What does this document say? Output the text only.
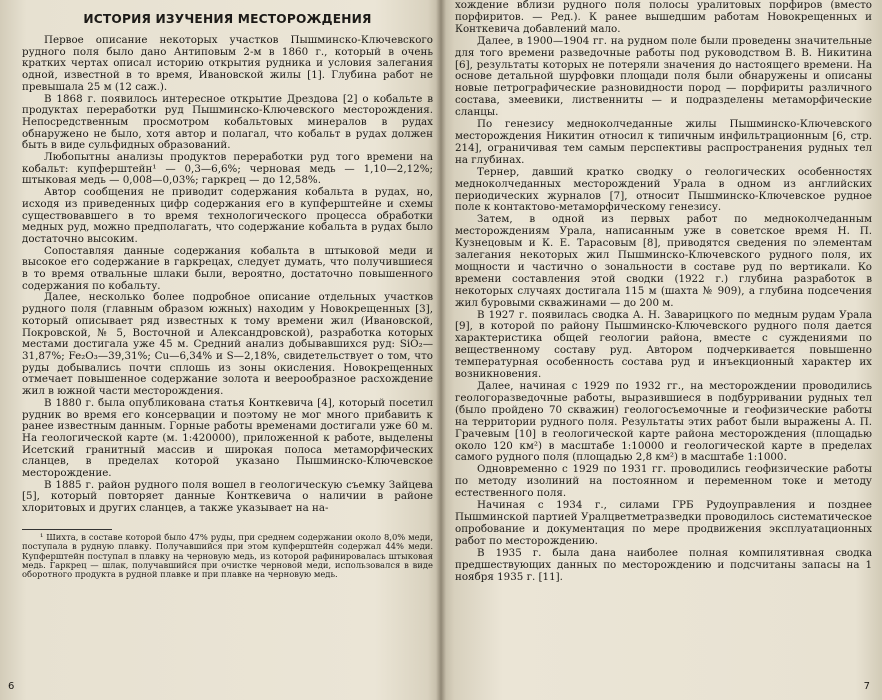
ИСТОРИЯ ИЗУЧЕНИЯ МЕСТОРОЖДЕНИЯ

Первое описание некоторых участков Пышминско-Ключевского рудного поля было дано Антиповым 2-м в 1860 г., который в очень кратких чертах описал историю открытия рудника и условия залегания одной, известной в то время, Ивановской жилы [1]. Глубина работ не превышала 25 м (12 саж.).

В 1868 г. появилось интересное открытие Дрездова [2] о кобальте в продуктах переработки руд Пышминско-Ключевского месторождения. Непосредственным просмотром кобальтовых минералов в рудах обнаружено не было, хотя автор и полагал, что кобальт в рудах должен быть в виде сульфидных образований.

Любопытны анализы продуктов переработки руд того времени на кобальт: купферштейн¹ — 0,3—6,6%; черновая медь — 1,10—2,12%; штыковая медь — 0,008—0,03%; гаркрец — до 12,58%.

Автор сообщения не приводит содержания кобальта в рудах, но, исходя из приведенных цифр содержания его в купферштейне и схемы существовавшего в то время технологического процесса обработки медных руд, можно предполагать, что содержание кобальта в рудах было достаточно высоким.

Сопоставляя данные содержания кобальта в штыковой меди и высокое его содержание в гаркрецах, следует думать, что получившиеся в то время отвальные шлаки были, вероятно, достаточно повышенного содержания по кобальту.

Далее, несколько более подробное описание отдельных участков рудного поля (главным образом южных) находим у Новокрещенных [3], который описывает ряд известных к тому времени жил (Ивановской, Покровской, № 5, Восточной и Александровской), разработка которых местами достигала уже 45 м. Средний анализ добывавшихся руд: SiO₂—31,87%; Fe₂O₃—39,31%; Cu—6,34% и S—2,18%, свидетельствует о том, что руды добывались почти сплошь из зоны окисления. Новокрещенных отмечает повышенное содержание золота и веерообразное расхождение жил в южной части месторождения.

В 1880 г. была опубликована статья Конткевича [4], который посетил рудник во время его консервации и поэтому не мог много прибавить к ранее известным данным. Горные работы временами достигали уже 60 м. На геологической карте (м. 1:420000), приложенной к работе, выделены Исетский гранитный массив и широкая полоса метаморфических сланцев, в пределах которой указано Пышминско-Ключевское месторождение.

В 1885 г. район рудного поля вошел в геологическую съемку Зайцева [5], который повторяет данные Конткевича о наличии в районе хлоритовых и других сланцев, а также указывает на на-

¹ Шихта, в составе которой было 47% руды, при среднем содержании около 8,0% меди, поступала в рудную плавку. Получавшийся при этом купферштейн содержал 44% меди. Купферштейн поступал в плавку на черновую медь, из которой рафинировалась штыковая медь. Гаркрец — шлак, получавшийся при очистке черновой меди, использовался в виде оборотного продукта в рудной плавке и при плавке на черновую медь.

6

хождение вблизи рудного поля полосы уралитовых порфиров (вместо порфиритов. — Ред.). К ранее вышедшим работам Новокрещенных и Конткевича добавлений мало.

Далее, в 1900—1904 гг. на рудном поле были проведены значительные для того времени разведочные работы под руководством В. В. Никитина [6], результаты которых не потеряли значения до настоящего времени. На основе детальной шурфовки площади поля были обнаружены и описаны новые петрографические разновидности пород — порфириты различного состава, змеевики, лиственниты — и подразделены метаморфические сланцы.

По генезису медноколчеданные жилы Пышминско-Ключевского месторождения Никитин относил к типичным инфильтрационным [6, стр. 214], ограничивая тем самым перспективы распространения рудных тел на глубинах.

Тернер, давший кратко сводку о геологических особенностях медноколчеданных месторождений Урала в одном из английских периодических журналов [7], относит Пышминско-Ключевское рудное поле к контактово-метаморфическому генезису.

Затем, в одной из первых работ по медноколчеданным месторождениям Урала, написанным уже в советское время Н. П. Кузнецовым и К. Е. Тарасовым [8], приводятся сведения по элементам залегания некоторых жил Пышминско-Ключевского рудного поля, их мощности и частично о зональности в составе руд по вертикали. Ко времени составления этой сводки (1922 г.) глубина разработок в некоторых случаях достигала 115 м (шахта № 909), а глубина подсечения жил буровыми скважинами — до 200 м.

В 1927 г. появилась сводка А. Н. Заварицкого по медным рудам Урала [9], в которой по району Пышминско-Ключевского рудного поля дается характеристика общей геологии района, вместе с суждениями по вещественному составу руд. Автором подчеркивается повышенно температурная особенность состава руд и инъекционный характер их возникновения.

Далее, начиная с 1929 по 1932 гг., на месторождении проводились геологоразведочные работы, выразившиеся в подбурривании рудных тел (было пройдено 70 скважин) геологосъемочные и геофизические работы на территории рудного поля. Результаты этих работ были выражены А. П. Грачевым [10] в геологической карте района месторождения (площадью около 120 км²) в масштабе 1:10000 и геологической карте в пределах самого рудного поля (площадью 2,8 км²) в масштабе 1:1000.

Одновременно с 1929 по 1931 гг. проводились геофизические работы по методу изолиний на постоянном и переменном токе и методу естественного поля.

Начиная с 1934 г., силами ГРБ Рудоуправления и позднее Пышминской партией Уралцветметразведки проводилось систематическое опробование и документация по мере продвижения эксплуатационных работ по месторождению.

В 1935 г. была дана наиболее полная компилятивная сводка предшествующих данных по месторождению и подсчитаны запасы на 1 ноября 1935 г. [11].

7
